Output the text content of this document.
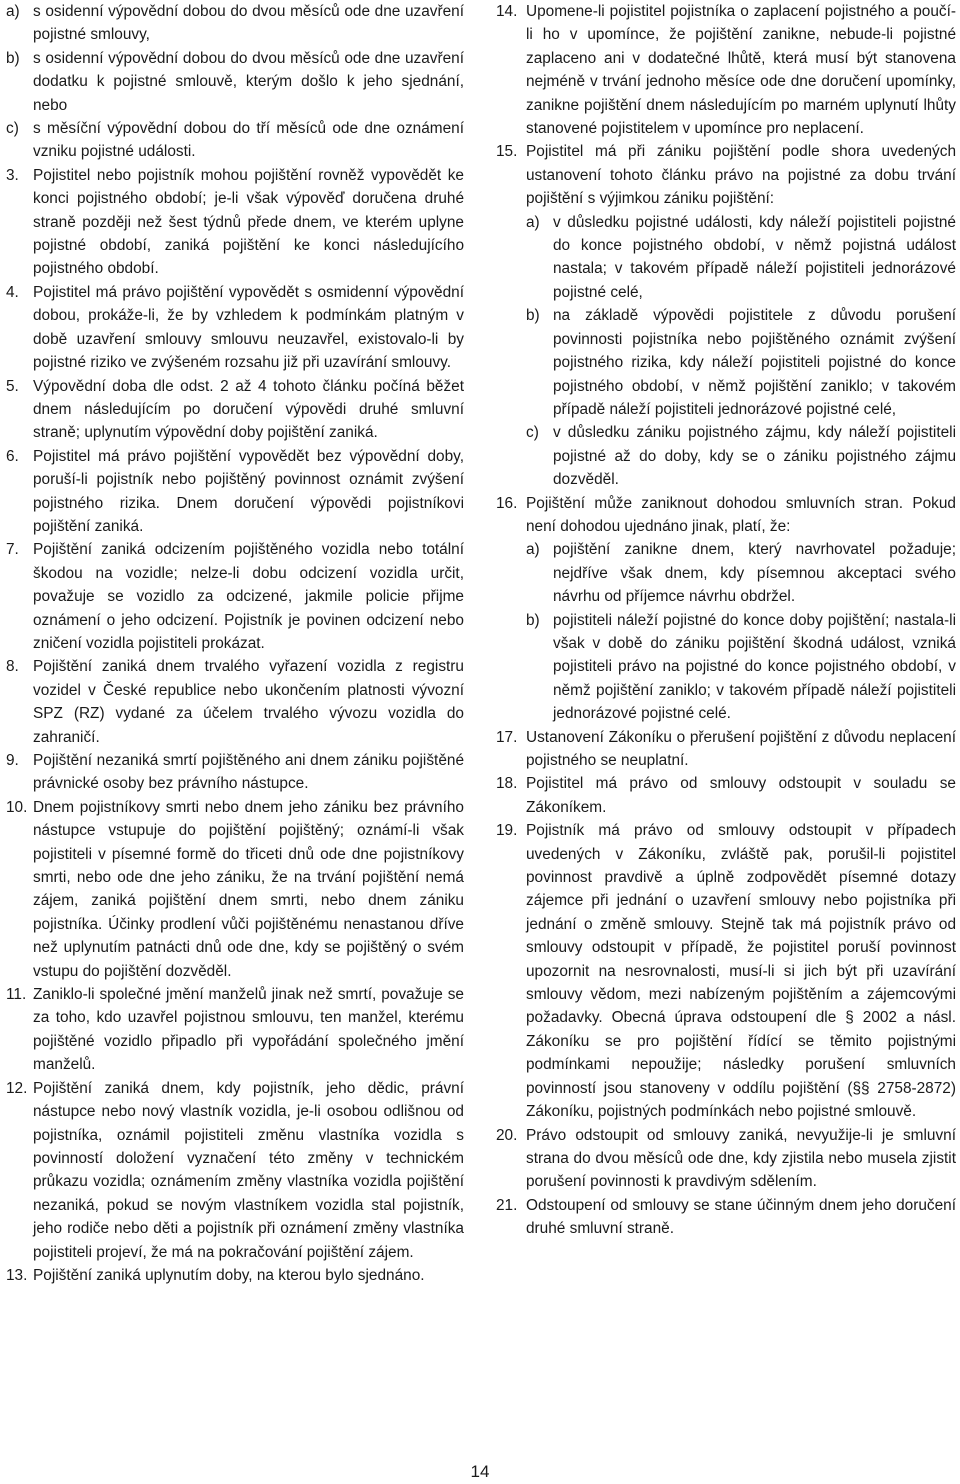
a) s osidenní výpovědní dobou do dvou měsíců ode dne uzavření pojistné smlouvy,
b) s osidenní výpovědní dobou do dvou měsíců ode dne uzavření dodatku k pojistné smlouvě, kterým došlo k jeho sjednání, nebo
c) s měsíční výpovědní dobou do tří měsíců ode dne oznámení vzniku pojistné události.
3. Pojistitel nebo pojistník mohou pojištění rovněž vypovědět ke konci pojistného období; je-li však výpověď doručena druhé straně později než šest týdnů přede dnem, ve kterém uplyne pojistné období, zaniká pojištění ke konci následujícího pojistného období.
4. Pojistitel má právo pojištění vypovědět s osmidenní výpovědní dobou, prokáže-li, že by vzhledem k podmínkám platným v době uzavření smlouvy smlouvu neuzavřel, existovalo-li by pojistné riziko ve zvýšeném rozsahu již při uzavírání smlouvy.
5. Výpovědní doba dle odst. 2 až 4 tohoto článku počíná běžet dnem následujícím po doručení výpovědi druhé smluvní straně; uplynutím výpovědní doby pojištění zaniká.
6. Pojistitel má právo pojištění vypovědět bez výpovědní doby, poruší-li pojistník nebo pojištěný povinnost oznámit zvýšení pojistného rizika. Dnem doručení výpovědi pojistníkovi pojištění zaniká.
7. Pojištění zaniká odcizením pojištěného vozidla nebo totální škodou na vozidle; nelze-li dobu odcizení vozidla určit, považuje se vozidlo za odcizené, jakmile policie přijme oznámení o jeho odcizení. Pojistník je povinen odcizení nebo zničení vozidla pojistiteli prokázat.
8. Pojištění zaniká dnem trvalého vyřazení vozidla z registru vozidel v České republice nebo ukončením platnosti vývozní SPZ (RZ) vydané za účelem trvalého vývozu vozidla do zahraničí.
9. Pojištění nezaniká smrtí pojištěného ani dnem zániku pojištěné právnické osoby bez právního nástupce.
10. Dnem pojistníkovy smrti nebo dnem jeho zániku bez právního nástupce vstupuje do pojištění pojištěný; oznámí-li však pojistiteli v písemné formě do třiceti dnů ode dne pojistníkovy smrti, nebo ode dne jeho zániku, že na trvání pojištění nemá zájem, zaniká pojištění dnem smrti, nebo dnem zániku pojistníka. Účinky prodlení vůči pojištěnému nenastanou dříve než uplynutím patnácti dnů ode dne, kdy se pojištěný o svém vstupu do pojištění dozvěděl.
11. Zaniklo-li společné jmění manželů jinak než smrtí, považuje se za toho, kdo uzavřel pojistnou smlouvu, ten manžel, kterému pojištěné vozidlo připadlo při vypořádání společného jmění manželů.
12. Pojištění zaniká dnem, kdy pojistník, jeho dědic, právní nástupce nebo nový vlastník vozidla, je-li osobou odlišnou od pojistníka, oznámil pojistiteli změnu vlastníka vozidla s povinností doložení vyznačení této změny v technickém průkazu vozidla; oznámením změny vlastníka vozidla pojištění nezaniká, pokud se novým vlastníkem vozidla stal pojistník, jeho rodiče nebo děti a pojistník při oznámení změny vlastníka pojistiteli projeví, že má na pokračování pojištění zájem.
13. Pojištění zaniká uplynutím doby, na kterou bylo sjednáno.
14. Upomene-li pojistitel pojistníka o zaplacení pojistného a poučí-li ho v upomínce, že pojištění zanikne, nebude-li pojistné zaplaceno ani v dodatečné lhůtě, která musí být stanovena nejméně v trvání jednoho měsíce ode dne doručení upomínky, zanikne pojištění dnem následujícím po marném uplynutí lhůty stanovené pojistitelem v upomínce pro neplacení.
15. Pojistitel má při zániku pojištění podle shora uvedených ustanovení tohoto článku právo na pojistné za dobu trvání pojištění s výjimkou zániku pojištění:
a) v důsledku pojistné události, kdy náleží pojistiteli pojistné do konce pojistného období, v němž pojistná událost nastala; v takovém případě náleží pojistiteli jednorázové pojistné celé,
b) na základě výpovědi pojistitele z důvodu porušení povinnosti pojistníka nebo pojištěného oznámit zvýšení pojistného rizika, kdy náleží pojistiteli pojistné do konce pojistného období, v němž pojištění zaniklo; v takovém případě náleží pojistiteli jednorázové pojistné celé,
c) v důsledku zániku pojistného zájmu, kdy náleží pojistiteli pojistné až do doby, kdy se o zániku pojistného zájmu dozvěděl.
16. Pojištění může zaniknout dohodou smluvních stran. Pokud není dohodou ujednáno jinak, platí, že:
a) pojištění zanikne dnem, který navrhovatel požaduje; nejdříve však dnem, kdy písemnou akceptaci svého návrhu od příjemce návrhu obdržel.
b) pojistiteli náleží pojistné do konce doby pojištění; nastala-li však v době do zániku pojištění škodná událost, vzniká pojistiteli právo na pojistné do konce pojistného období, v němž pojištění zaniklo; v takovém případě náleží pojistiteli jednorázové pojistné celé.
17. Ustanovení Zákoníku o přerušení pojištění z důvodu neplacení pojistného se neuplatní.
18. Pojistitel má právo od smlouvy odstoupit v souladu se Zákoníkem.
19. Pojistník má právo od smlouvy odstoupit v případech uvedených v Zákoníku, zvláště pak, porušil-li pojistitel povinnost pravdivě a úplně zodpovědět písemné dotazy zájemce při jednání o uzavření smlouvy nebo pojistníka při jednání o změně smlouvy. Stejně tak má pojistník právo od smlouvy odstoupit v případě, že pojistitel poruší povinnost upozornit na nesrovnalosti, musí-li si jich být při uzavírání smlouvy vědom, mezi nabízeným pojištěním a zájemcovými požadavky. Obecná úprava odstoupení dle § 2002 a násl. Zákoníku se pro pojištění řídící se těmito pojistnými podmínkami nepoužije; následky porušení smluvních povinností jsou stanoveny v oddílu pojištění (§§ 2758-2872) Zákoníku, pojistných podmínkách nebo pojistné smlouvě.
20. Právo odstoupit od smlouvy zaniká, nevyužije-li je smluvní strana do dvou měsíců ode dne, kdy zjistila nebo musela zjistit porušení povinnosti k pravdivým sdělením.
21. Odstoupení od smlouvy se stane účinným dnem jeho doručení druhé smluvní straně.
14
